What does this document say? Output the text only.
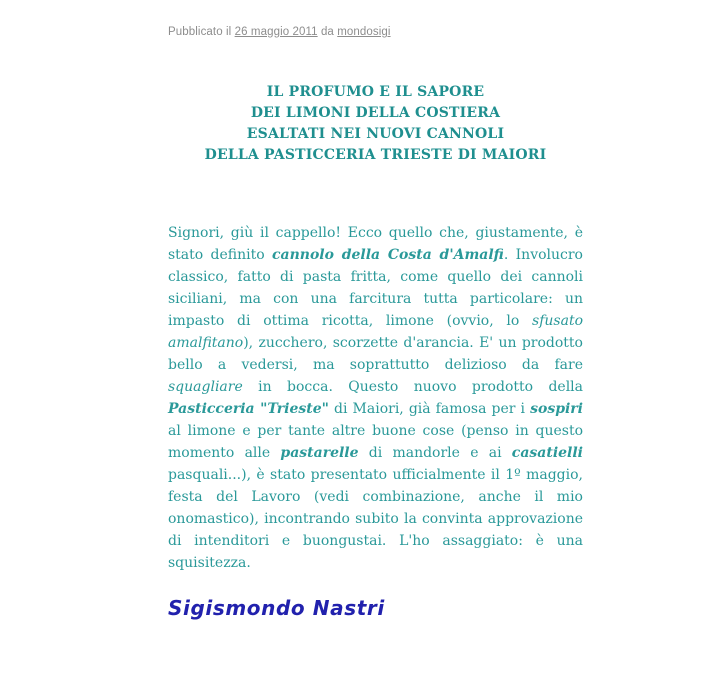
Pubblicato il 26 maggio 2011 da mondosigi
IL PROFUMO E IL SAPORE
DEI LIMONI DELLA COSTIERA
ESALTATI NEI NUOVI CANNOLI
DELLA PASTICCERIA TRIESTE DI MAIORI

Signori, giù il cappello! Ecco quello che, giustamente, è stato definito cannolo della Costa d'Amalfi. Involucro classico, fatto di pasta fritta, come quello dei cannoli siciliani, ma con una farcitura tutta particolare: un impasto di ottima ricotta, limone (ovvio, lo sfusato amalfitano), zucchero, scorzette d'arancia. E' un prodotto bello a vedersi, ma soprattutto delizioso da fare squagliare in bocca. Questo nuovo prodotto della Pasticceria "Trieste" di Maiori, già famosa per i sospiri al limone e per tante altre buone cose (penso in questo momento alle pastarelle di mandorle e ai casatielli pasquali...), è stato presentato ufficialmente il 1º maggio, festa del Lavoro (vedi combinazione, anche il mio onomastico), incontrando subito la convinta approvazione di intenditori e buongustai. L'ho assaggiato: è una squisitezza.

Sigismondo Nastri
